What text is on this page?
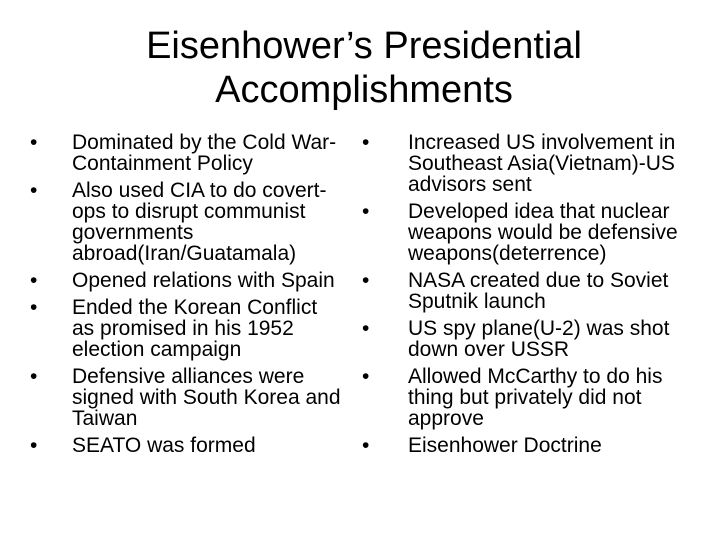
Eisenhower’s Presidential
Accomplishments
•
Dominated by the Cold War-Containment Policy
•
Also used CIA to do covert-ops to disrupt communist governments abroad(Iran/Guatamala)
•
Opened relations with Spain
•
Ended the Korean Conflict as promised in his 1952 election campaign
•
Defensive alliances were signed with South Korea and Taiwan
•
SEATO was formed
•
Increased US involvement in Southeast Asia(Vietnam)-US advisors sent
•
Developed idea that nuclear weapons would be defensive weapons(deterrence)
•
NASA created due to Soviet Sputnik launch
•
US spy plane(U-2) was shot down over USSR
•
Allowed McCarthy to do his thing but privately did not approve
•
Eisenhower Doctrine
